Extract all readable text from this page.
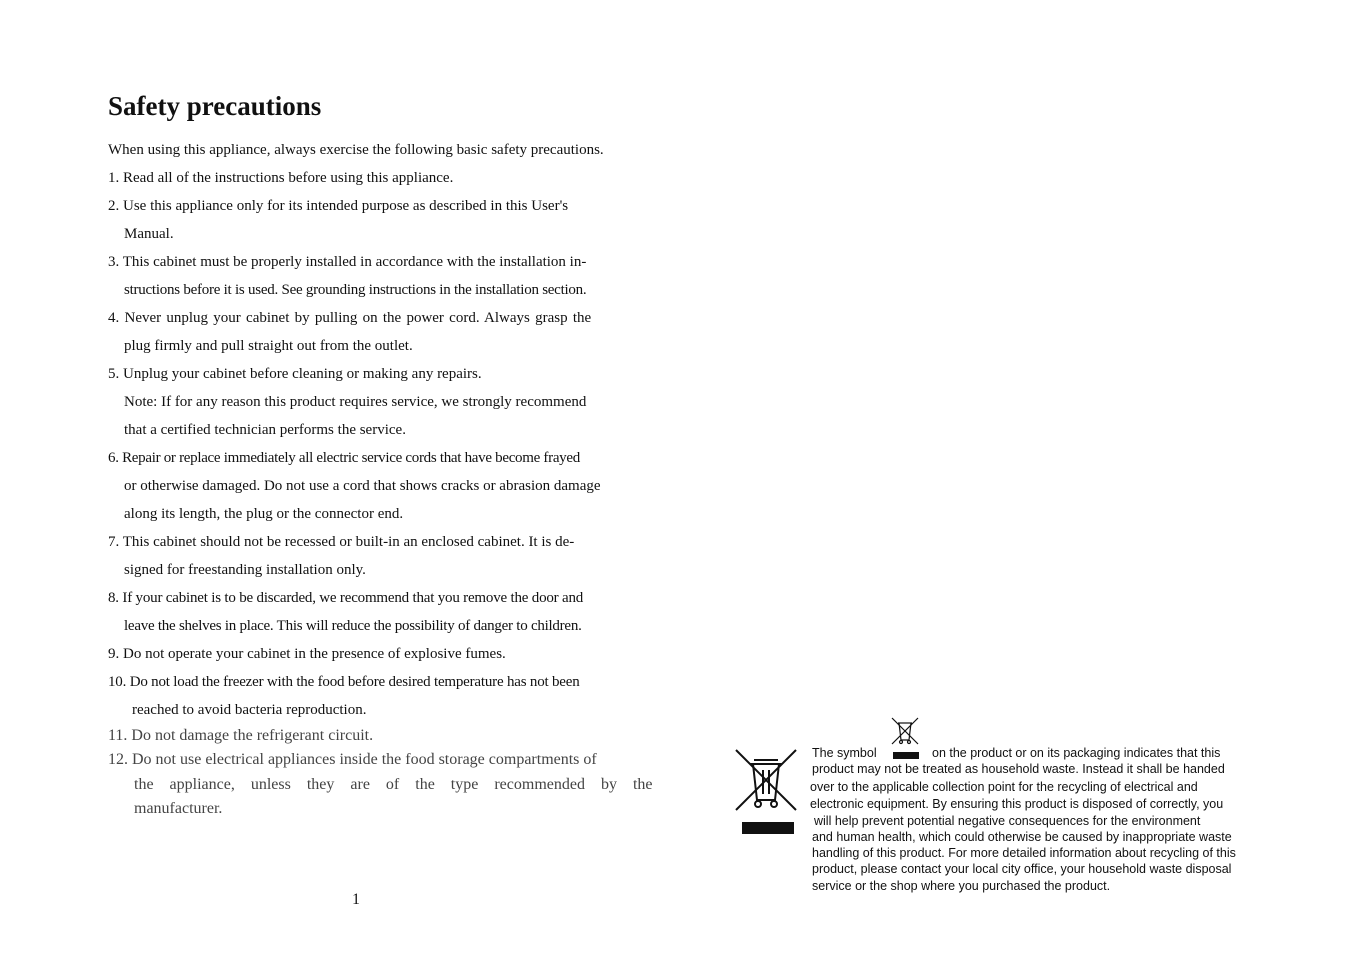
Safety precautions
When using this appliance, always exercise the following basic safety precautions.
1. Read all of the instructions before using this appliance.
2. Use this appliance only for its intended purpose as described in this User's
Manual.
3. This cabinet must be properly installed in accordance with the installation in-
structions before it is used. See grounding instructions in the installation section.
4. Never unplug your cabinet by pulling on the power cord. Always grasp the
plug firmly and pull straight out from the outlet.
5. Unplug your cabinet before cleaning or making any repairs.
Note: If for any reason this product requires service, we strongly recommend
that a certified technician performs the service.
6. Repair or replace immediately all electric service cords that have become frayed
or otherwise damaged. Do not use a cord that shows cracks or abrasion damage
along its length, the plug or the connector end.
7. This cabinet should not be recessed or built-in an enclosed cabinet. It is de-
signed for freestanding installation only.
8. If your cabinet is to be discarded, we recommend that you remove the door and
leave the shelves in place. This will reduce the possibility of danger to children.
9. Do not operate your cabinet in the presence of explosive fumes.
10. Do not load the freezer with the food before desired temperature has not been
reached to avoid bacteria reproduction.
11. Do not damage the refrigerant circuit.
12. Do not use electrical appliances inside the food storage compartments of
the appliance, unless they are of the type recommended by the
manufacturer.
1
The symbol	on the product or on its packaging indicates that this
product may not be treated as household waste. Instead it shall be handed
over to the applicable collection point for the recycling of electrical and
electronic equipment. By ensuring this product is disposed of correctly, you
will help prevent potential negative consequences for the environment
and human health, which could otherwise be caused by inappropriate waste
handling of this product. For more detailed information about recycling of this
product, please contact your local city office, your household waste disposal
service or the shop where you purchased the product.
